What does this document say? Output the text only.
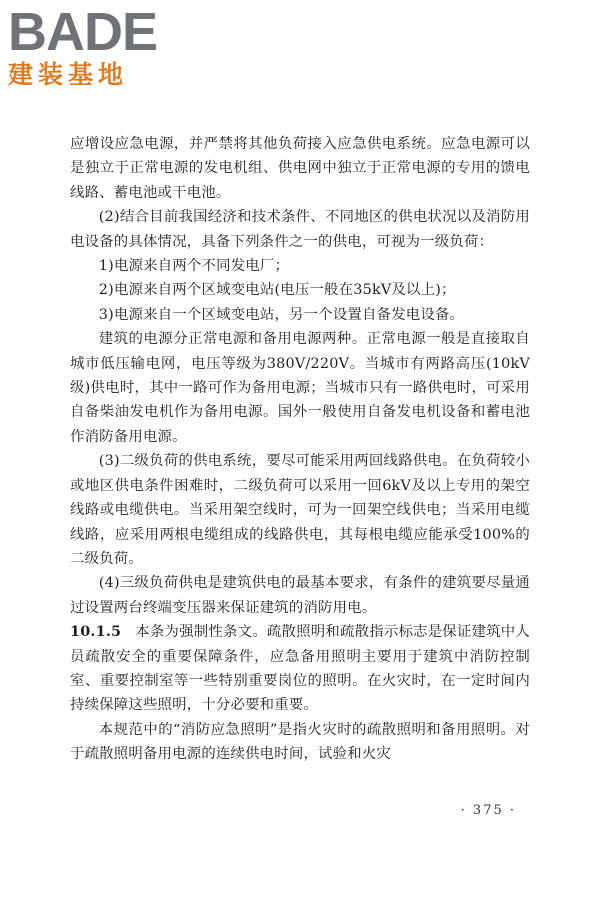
BADE
建装基地

应增设应急电源，并严禁将其他负荷接入应急供电系统。应急电源可以是独立于正常电源的发电机组、供电网中独立于正常电源的专用的馈电线路、蓄电池或干电池。

(2)结合目前我国经济和技术条件、不同地区的供电状况以及消防用电设备的具体情况，具备下列条件之一的供电，可视为一级负荷：

1)电源来自两个不同发电厂；

2)电源来自两个区域变电站(电压一般在35kV及以上)；

3)电源来自一个区域变电站，另一个设置自备发电设备。

建筑的电源分正常电源和备用电源两种。正常电源一般是直接取自城市低压输电网，电压等级为380V/220V。当城市有两路高压(10kV级)供电时，其中一路可作为备用电源；当城市只有一路供电时，可采用自备柴油发电机作为备用电源。国外一般使用自备发电机设备和蓄电池作消防备用电源。

(3)二级负荷的供电系统，要尽可能采用两回线路供电。在负荷较小或地区供电条件困难时，二级负荷可以采用一回6kV及以上专用的架空线路或电缆供电。当采用架空线时，可为一回架空线供电；当采用电缆线路，应采用两根电缆组成的线路供电，其每根电缆应能承受100%的二级负荷。

(4)三级负荷供电是建筑供电的最基本要求，有条件的建筑要尽量通过设置两台终端变压器来保证建筑的消防用电。

10.1.5 本条为强制性条文。疏散照明和疏散指示标志是保证建筑中人员疏散安全的重要保障条件，应急备用照明主要用于建筑中消防控制室、重要控制室等一些特别重要岗位的照明。在火灾时，在一定时间内持续保障这些照明，十分必要和重要。

本规范中的“消防应急照明”是指火灾时的疏散照明和备用照明。对于疏散照明备用电源的连续供电时间，试验和火灾

· 375 ·
